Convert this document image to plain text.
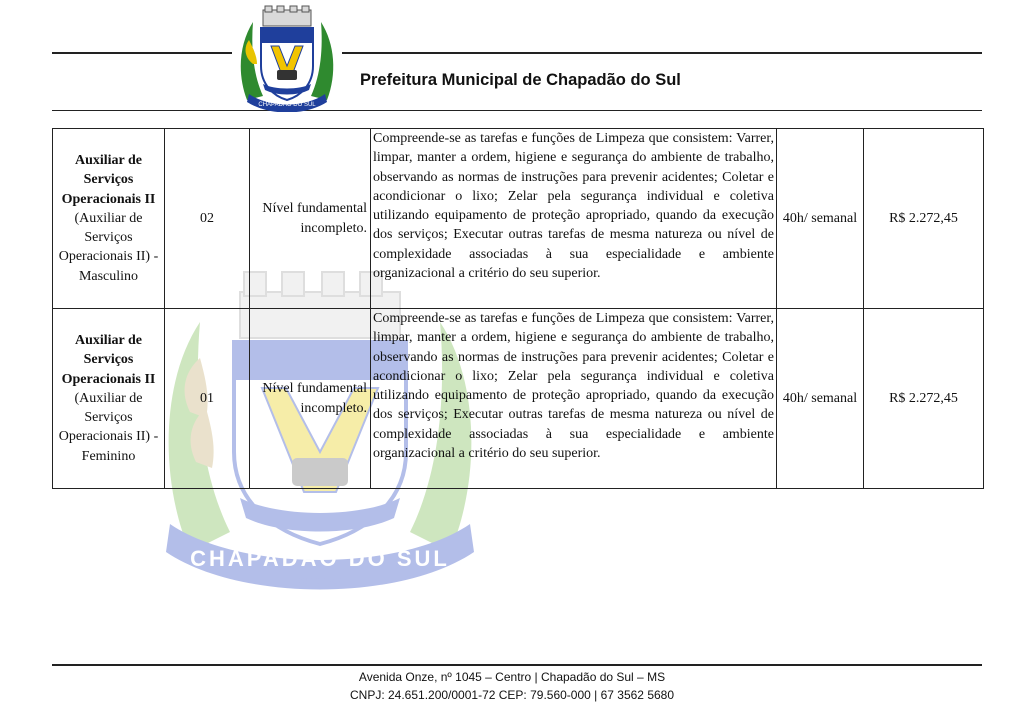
CHAPADÃO DO SUL
Prefeitura Municipal de Chapadão do Sul
CHAPADÃO DO SUL
23.10.1987
Auxiliar de Serviços Operacionais II
(Auxiliar de Serviços Operacionais II) - Masculino	02	Nível fundamental incompleto.	Compreende-se as tarefas e funções de Limpeza que consistem: Varrer, limpar, manter a ordem, higiene e segurança do ambiente de trabalho, observando as normas de instruções para prevenir acidentes; Coletar e acondicionar o lixo; Zelar pela segurança individual e coletiva utilizando equipamento de proteção apropriado, quando da execução dos serviços; Executar outras tarefas de mesma natureza ou nível de complexidade associadas à sua especialidade e ambiente organizacional a critério do seu superior.	40h/ semanal	R$ 2.272,45

Auxiliar de Serviços Operacionais II
(Auxiliar de Serviços Operacionais II) - Feminino	01	Nível fundamental incompleto.	Compreende-se as tarefas e funções de Limpeza que consistem: Varrer, limpar, manter a ordem, higiene e segurança do ambiente de trabalho, observando as normas de instruções para prevenir acidentes; Coletar e acondicionar o lixo; Zelar pela segurança individual e coletiva utilizando equipamento de proteção apropriado, quando da execução dos serviços; Executar outras tarefas de mesma natureza ou nível de complexidade associadas à sua especialidade e ambiente organizacional a critério do seu superior.	40h/ semanal	R$ 2.272,45
Avenida Onze, nº 1045 – Centro | Chapadão do Sul – MS
CNPJ: 24.651.200/0001-72 CEP: 79.560-000 | 67 3562 5680
